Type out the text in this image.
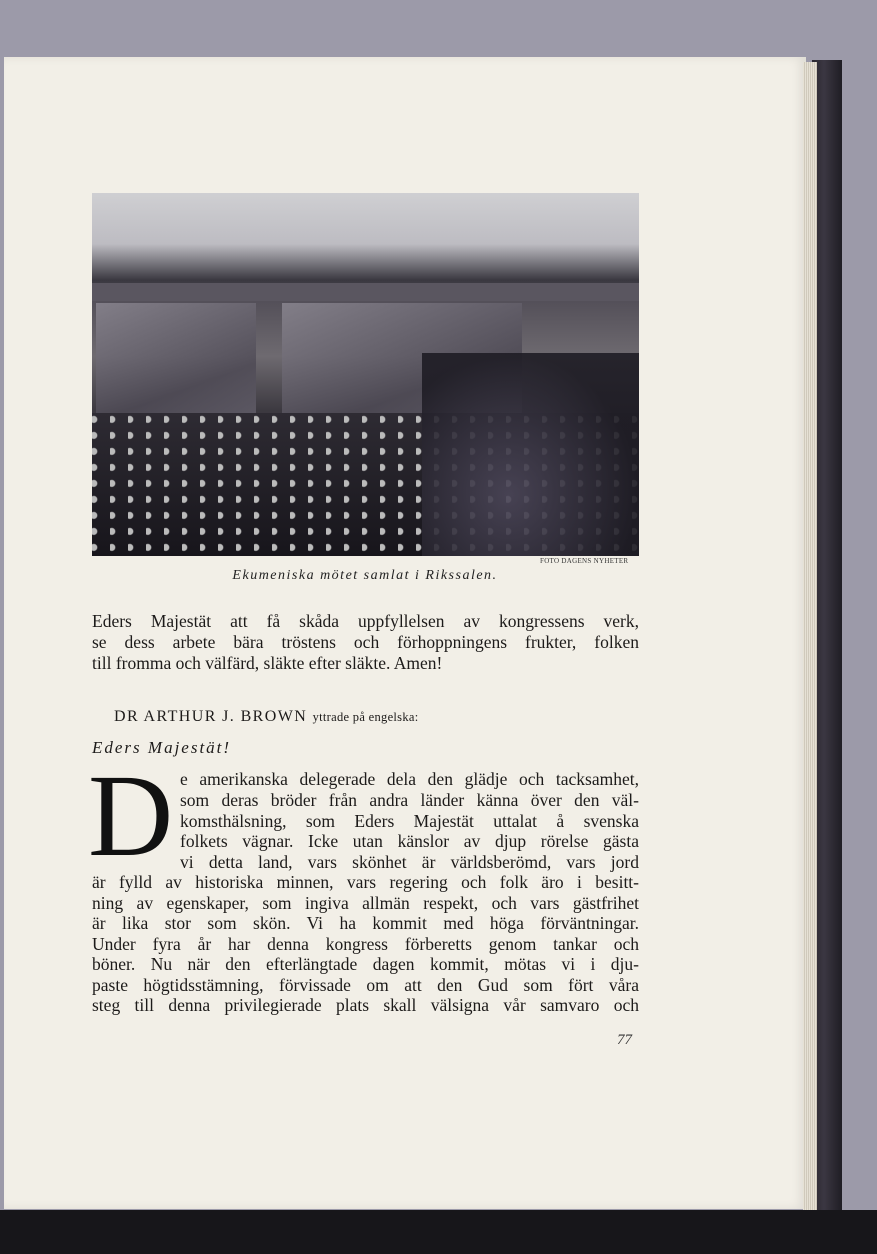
FOTO DAGENS NYHETER
Ekumeniska mötet samlat i Rikssalen.
Eders Majestät att få skåda uppfyllelsen av kongressens verk,
se dess arbete bära tröstens och förhoppningens frukter, folken
till fromma och välfärd, släkte efter släkte. Amen!
DR ARTHUR J. BROWN yttrade på engelska:
Eders Majestät!
D e amerikanska delegerade dela den glädje och tacksamhet,
som deras bröder från andra länder känna över den väl-
komsthälsning, som Eders Majestät uttalat å svenska
folkets vägnar. Icke utan känslor av djup rörelse gästa
vi detta land, vars skönhet är världsberömd, vars jord
är fylld av historiska minnen, vars regering och folk äro i besitt-
ning av egenskaper, som ingiva allmän respekt, och vars gästfrihet
är lika stor som skön. Vi ha kommit med höga förväntningar.
Under fyra år har denna kongress förberetts genom tankar och
böner. Nu när den efterlängtade dagen kommit, mötas vi i dju-
paste högtidsstämning, förvissade om att den Gud som fört våra
steg till denna privilegierade plats skall välsigna vår samvaro och
77
